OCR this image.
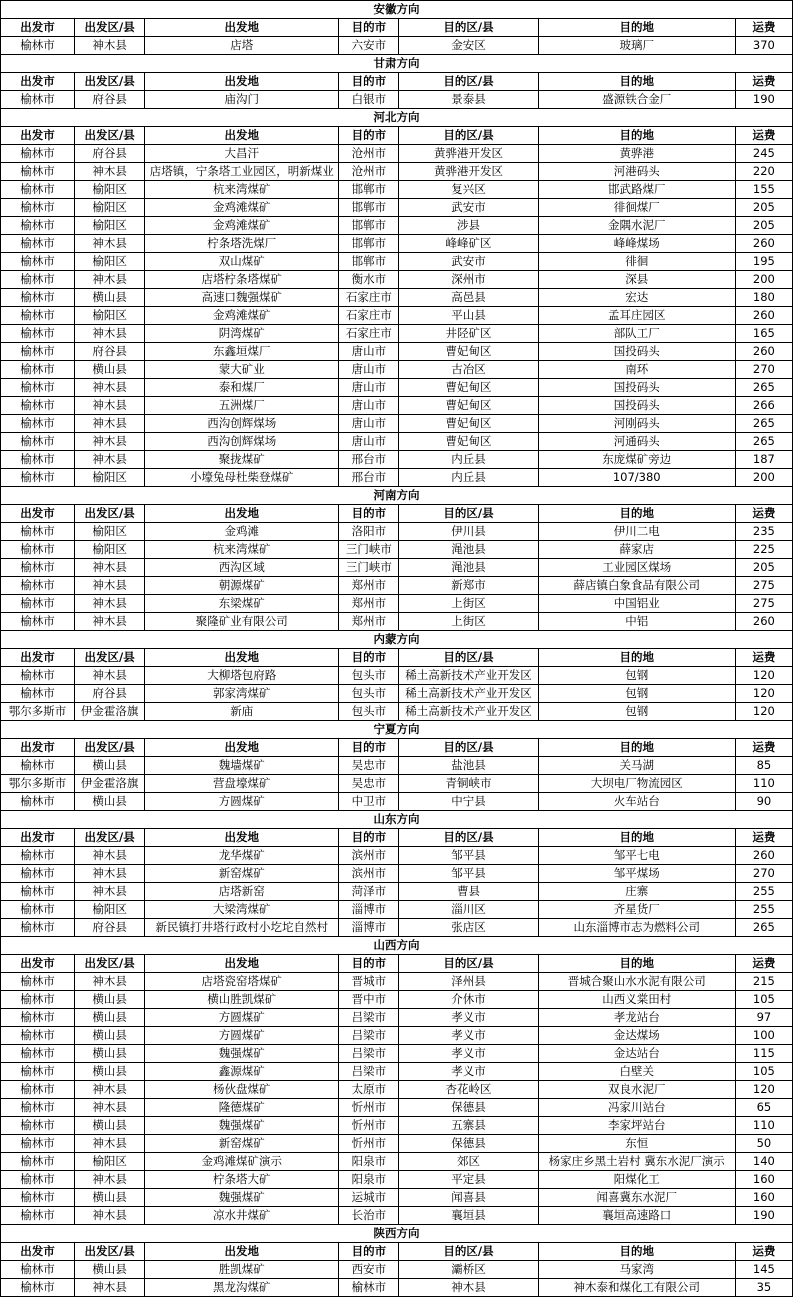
安徽方向						
出发市	出发区/县	出发地	目的市	目的区/县	目的地	运费
榆林市	神木县	店塔	六安市	金安区	玻璃厂	370
甘肃方向						
出发市	出发区/县	出发地	目的市	目的区/县	目的地	运费
榆林市	府谷县	庙沟门	白银市	景泰县	盛源铁合金厂	190
河北方向						
出发市	出发区/县	出发地	目的市	目的区/县	目的地	运费
榆林市	府谷县	大昌汗	沧州市	黄骅港开发区	黄骅港	245
榆林市	神木县	店塔镇，宁条塔工业园区，明新煤业	沧州市	黄骅港开发区	河港码头	220
榆林市	榆阳区	杭来湾煤矿	邯郸市	复兴区	邯武路煤厂	155
榆林市	榆阳区	金鸡滩煤矿	邯郸市	武安市	徘徊煤厂	205
榆林市	榆阳区	金鸡滩煤矿	邯郸市	涉县	金隅水泥厂	205
榆林市	神木县	柠条塔洗煤厂	邯郸市	峰峰矿区	峰峰煤场	260
榆林市	榆阳区	双山煤矿	邯郸市	武安市	徘徊	195
榆林市	神木县	店塔柠条塔煤矿	衡水市	深州市	深县	200
榆林市	横山县	高速口魏强煤矿	石家庄市	高邑县	宏达	180
榆林市	榆阳区	金鸡滩煤矿	石家庄市	平山县	孟耳庄园区	260
榆林市	神木县	阴湾煤矿	石家庄市	井陉矿区	部队工厂	165
榆林市	府谷县	东鑫垣煤厂	唐山市	曹妃甸区	国投码头	260
榆林市	横山县	蒙大矿业	唐山市	古冶区	南环	270
榆林市	神木县	泰和煤厂	唐山市	曹妃甸区	国投码头	265
榆林市	神木县	五洲煤厂	唐山市	曹妃甸区	国投码头	266
榆林市	神木县	西沟创辉煤场	唐山市	曹妃甸区	河刚码头	265
榆林市	神木县	西沟创辉煤场	唐山市	曹妃甸区	河通码头	265
榆林市	神木县	聚拢煤矿	邢台市	内丘县	东庞煤矿旁边	187
榆林市	榆阳区	小壕兔母杜柴登煤矿	邢台市	内丘县	107/380	200
河南方向						
出发市	出发区/县	出发地	目的市	目的区/县	目的地	运费
榆林市	榆阳区	金鸡滩	洛阳市	伊川县	伊川二电	235
榆林市	榆阳区	杭来湾煤矿	三门峡市	渑池县	薛家店	225
榆林市	神木县	西沟区域	三门峡市	渑池县	工业园区煤场	205
榆林市	神木县	朝源煤矿	郑州市	新郑市	薛店镇白象食品有限公司	275
榆林市	神木县	东梁煤矿	郑州市	上街区	中国铝业	275
榆林市	神木县	聚隆矿业有限公司	郑州市	上街区	中铝	260
内蒙方向						
出发市	出发区/县	出发地	目的市	目的区/县	目的地	运费
榆林市	神木县	大柳塔包府路	包头市	稀土高新技术产业开发区	包钢	120
榆林市	府谷县	郭家湾煤矿	包头市	稀土高新技术产业开发区	包钢	120
鄂尔多斯市	伊金霍洛旗	新庙	包头市	稀土高新技术产业开发区	包钢	120
宁夏方向						
出发市	出发区/县	出发地	目的市	目的区/县	目的地	运费
榆林市	横山县	魏墙煤矿	吴忠市	盐池县	关马湖	85
鄂尔多斯市	伊金霍洛旗	营盘壕煤矿	吴忠市	青铜峡市	大坝电厂物流园区	110
榆林市	横山县	方圆煤矿	中卫市	中宁县	火车站台	90
山东方向						
出发市	出发区/县	出发地	目的市	目的区/县	目的地	运费
榆林市	神木县	龙华煤矿	滨州市	邹平县	邹平七电	260
榆林市	神木县	新窑煤矿	滨州市	邹平县	邹平煤场	270
榆林市	神木县	店塔新窑	菏泽市	曹县	庄寨	255
榆林市	榆阳区	大梁湾煤矿	淄博市	淄川区	齐星货厂	255
榆林市	府谷县	新民镇打井塔行政村小圪坨自然村	淄博市	张店区	山东淄博市志为燃料公司	265
山西方向						
出发市	出发区/县	出发地	目的市	目的区/县	目的地	运费
榆林市	神木县	店塔瓷窑塔煤矿	晋城市	泽州县	晋城合聚山水水泥有限公司	215
榆林市	横山县	横山胜凯煤矿	晋中市	介休市	山西义棠田村	105
榆林市	横山县	方圆煤矿	吕梁市	孝义市	孝龙站台	97
榆林市	横山县	方圆煤矿	吕梁市	孝义市	金达煤场	100
榆林市	横山县	魏强煤矿	吕梁市	孝义市	金达站台	115
榆林市	横山县	鑫源煤矿	吕梁市	孝义市	白壁关	105
榆林市	神木县	杨伙盘煤矿	太原市	杏花岭区	双良水泥厂	120
榆林市	神木县	隆德煤矿	忻州市	保德县	冯家川站台	65
榆林市	横山县	魏强煤矿	忻州市	五寨县	李家坪站台	110
榆林市	神木县	新窑煤矿	忻州市	保德县	东恒	50
榆林市	榆阳区	金鸡滩煤矿演示	阳泉市	郊区	杨家庄乡黑土岩村 冀东水泥厂演示	140
榆林市	神木县	柠条塔大矿	阳泉市	平定县	阳煤化工	160
榆林市	横山县	魏强煤矿	运城市	闻喜县	闻喜冀东水泥厂	160
榆林市	神木县	凉水井煤矿	长治市	襄垣县	襄垣高速路口	190
陕西方向						
出发市	出发区/县	出发地	目的市	目的区/县	目的地	运费
榆林市	横山县	胜凯煤矿	西安市	灞桥区	马家湾	145
榆林市	神木县	黑龙沟煤矿	榆林市	神木县	神木泰和煤化工有限公司	35
